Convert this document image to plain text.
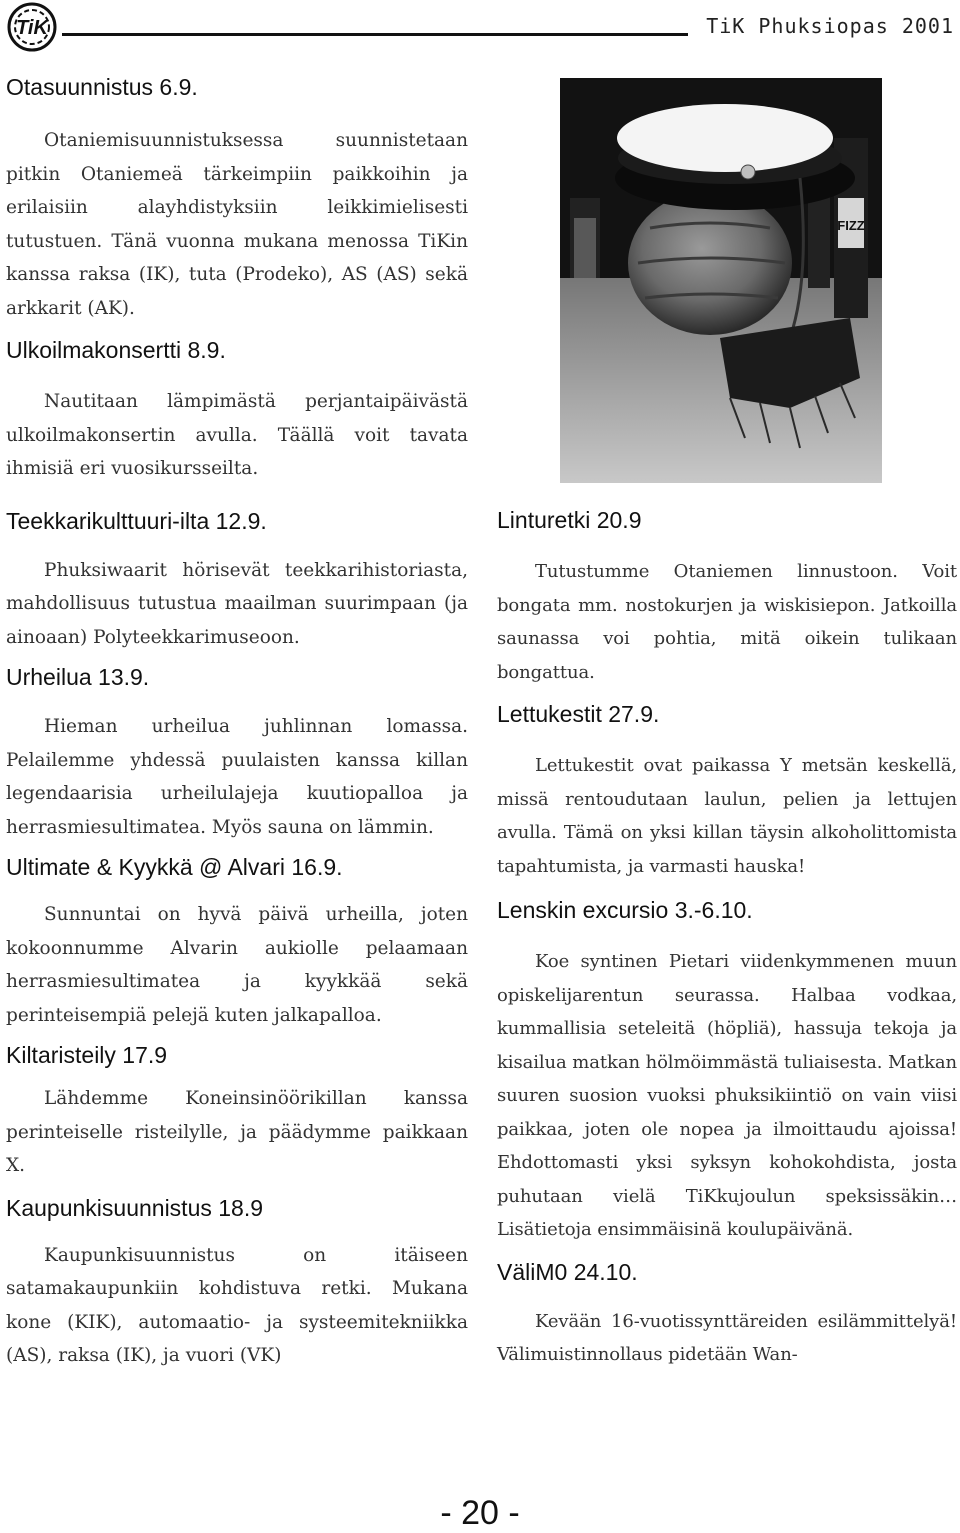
TiK	TiK Phuksiopas 2001
Otasuunnistus 6.9.

Otaniemisuunnistuksessa suunnistetaan pitkin Otaniemeä tärkeimpiin paikkoihin ja erilaisiin alayhdistyksiin leikkimielisesti tutustuen. Tänä vuonna mukana menossa TiKin kanssa raksa (IK), tuta (Prodeko), AS (AS) sekä arkkarit (AK).

Ulkoilmakonsertti 8.9.

Nautitaan lämpimästä perjantaipäivästä ulkoilmakonsertin avulla. Täällä voit tavata ihmisiä eri vuosikursseilta.

Teekkarikulttuuri-ilta 12.9.

Phuksiwaarit hörisevät teekkarihistoriasta, mahdollisuus tutustua maailman suurimpaan (ja ainoaan) Polyteekkarimuseoon.

Urheilua 13.9.

Hieman urheilua juhlinnan lomassa. Pelailemme yhdessä puulaisten kanssa killan legendaarisia urheilulajeja kuutiopalloa ja herrasmiesultimatea. Myös sauna on lämmin.

Ultimate & Kyykkä @ Alvari 16.9.

Sunnuntai on hyvä päivä urheilla, joten kokoonnumme Alvarin aukiolle pelaamaan herrasmiesultimatea ja kyykkää sekä perinteisempiä pelejä kuten jalkapalloa.

Kiltaristeily 17.9

Lähdemme Koneinsinöörikillan kanssa perinteiselle risteilylle, ja päädymme paikkaan X.

Kaupunkisuunnistus 18.9

Kaupunkisuunnistus on itäiseen satamakaupunkiin kohdistuva retki. Mukana kone (KIK), automaatio- ja systeemitekniikka (AS), raksa (IK), ja vuori (VK)

FIZZ
Linturetki 20.9

Tutustumme Otaniemen linnustoon. Voit bongata mm. nostokurjen ja wiskisiepon. Jatkoilla saunassa voi pohtia, mitä oikein tulikaan bongattua.

Lettukestit 27.9.

Lettukestit ovat paikassa Y metsän keskellä, missä rentoudutaan laulun, pelien ja lettujen avulla. Tämä on yksi killan täysin alkoholittomista tapahtumista, ja varmasti hauska!

Lenskin excursio 3.-6.10.

Koe syntinen Pietari viidenkymmenen muun opiskelijarentun seurassa. Halbaa vodkaa, kummallisia seteleitä (höpliä), hassuja tekoja ja kisailua matkan hölmöimmästä tuliaisesta. Matkan suuren suosion vuoksi phuksikiintiö on vain viisi paikkaa, joten ole nopea ja ilmoittaudu ajoissa! Ehdottomasti yksi syksyn kohokohdista, josta puhutaan vielä TiKkujoulun speksissäkin… Lisätietoja ensimmäisinä koulupäivänä.

VäliM0 24.10.

Kevään 16-vuotissynttäreiden esilämmittelyä! Välimuistinnollaus pidetään Wan-

- 20 -
